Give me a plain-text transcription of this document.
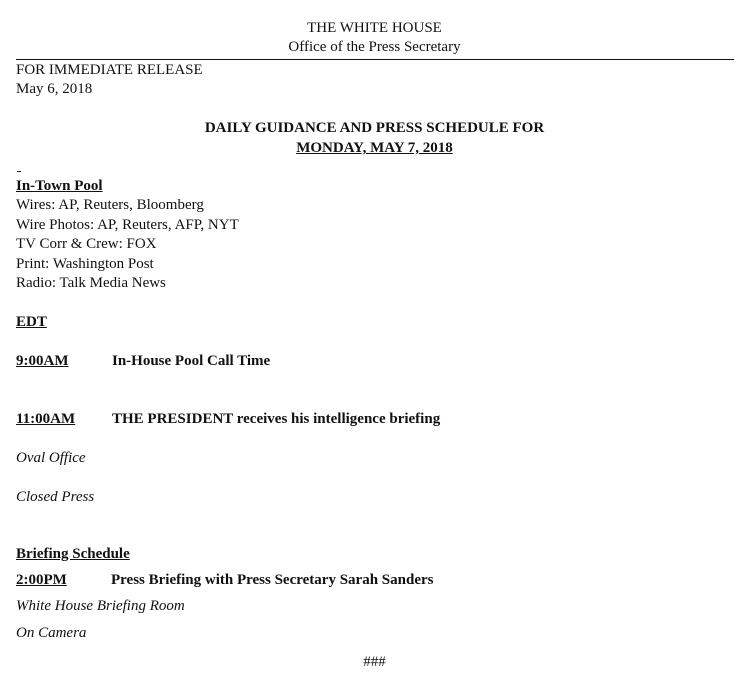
THE WHITE HOUSE
Office of the Press Secretary
FOR IMMEDIATE RELEASE
May 6, 2018
DAILY GUIDANCE AND PRESS SCHEDULE FOR
MONDAY, MAY 7, 2018
In-Town Pool
Wires: AP, Reuters, Bloomberg
Wire Photos: AP, Reuters, AFP, NYT
TV Corr & Crew: FOX
Print: Washington Post
Radio: Talk Media News
EDT
9:00AM	In-House Pool Call Time
11:00AM THE PRESIDENT receives his intelligence briefing
Oval Office
Closed Press
Briefing Schedule
2:00PM	Press Briefing with Press Secretary Sarah Sanders
White House Briefing Room
On Camera
###
